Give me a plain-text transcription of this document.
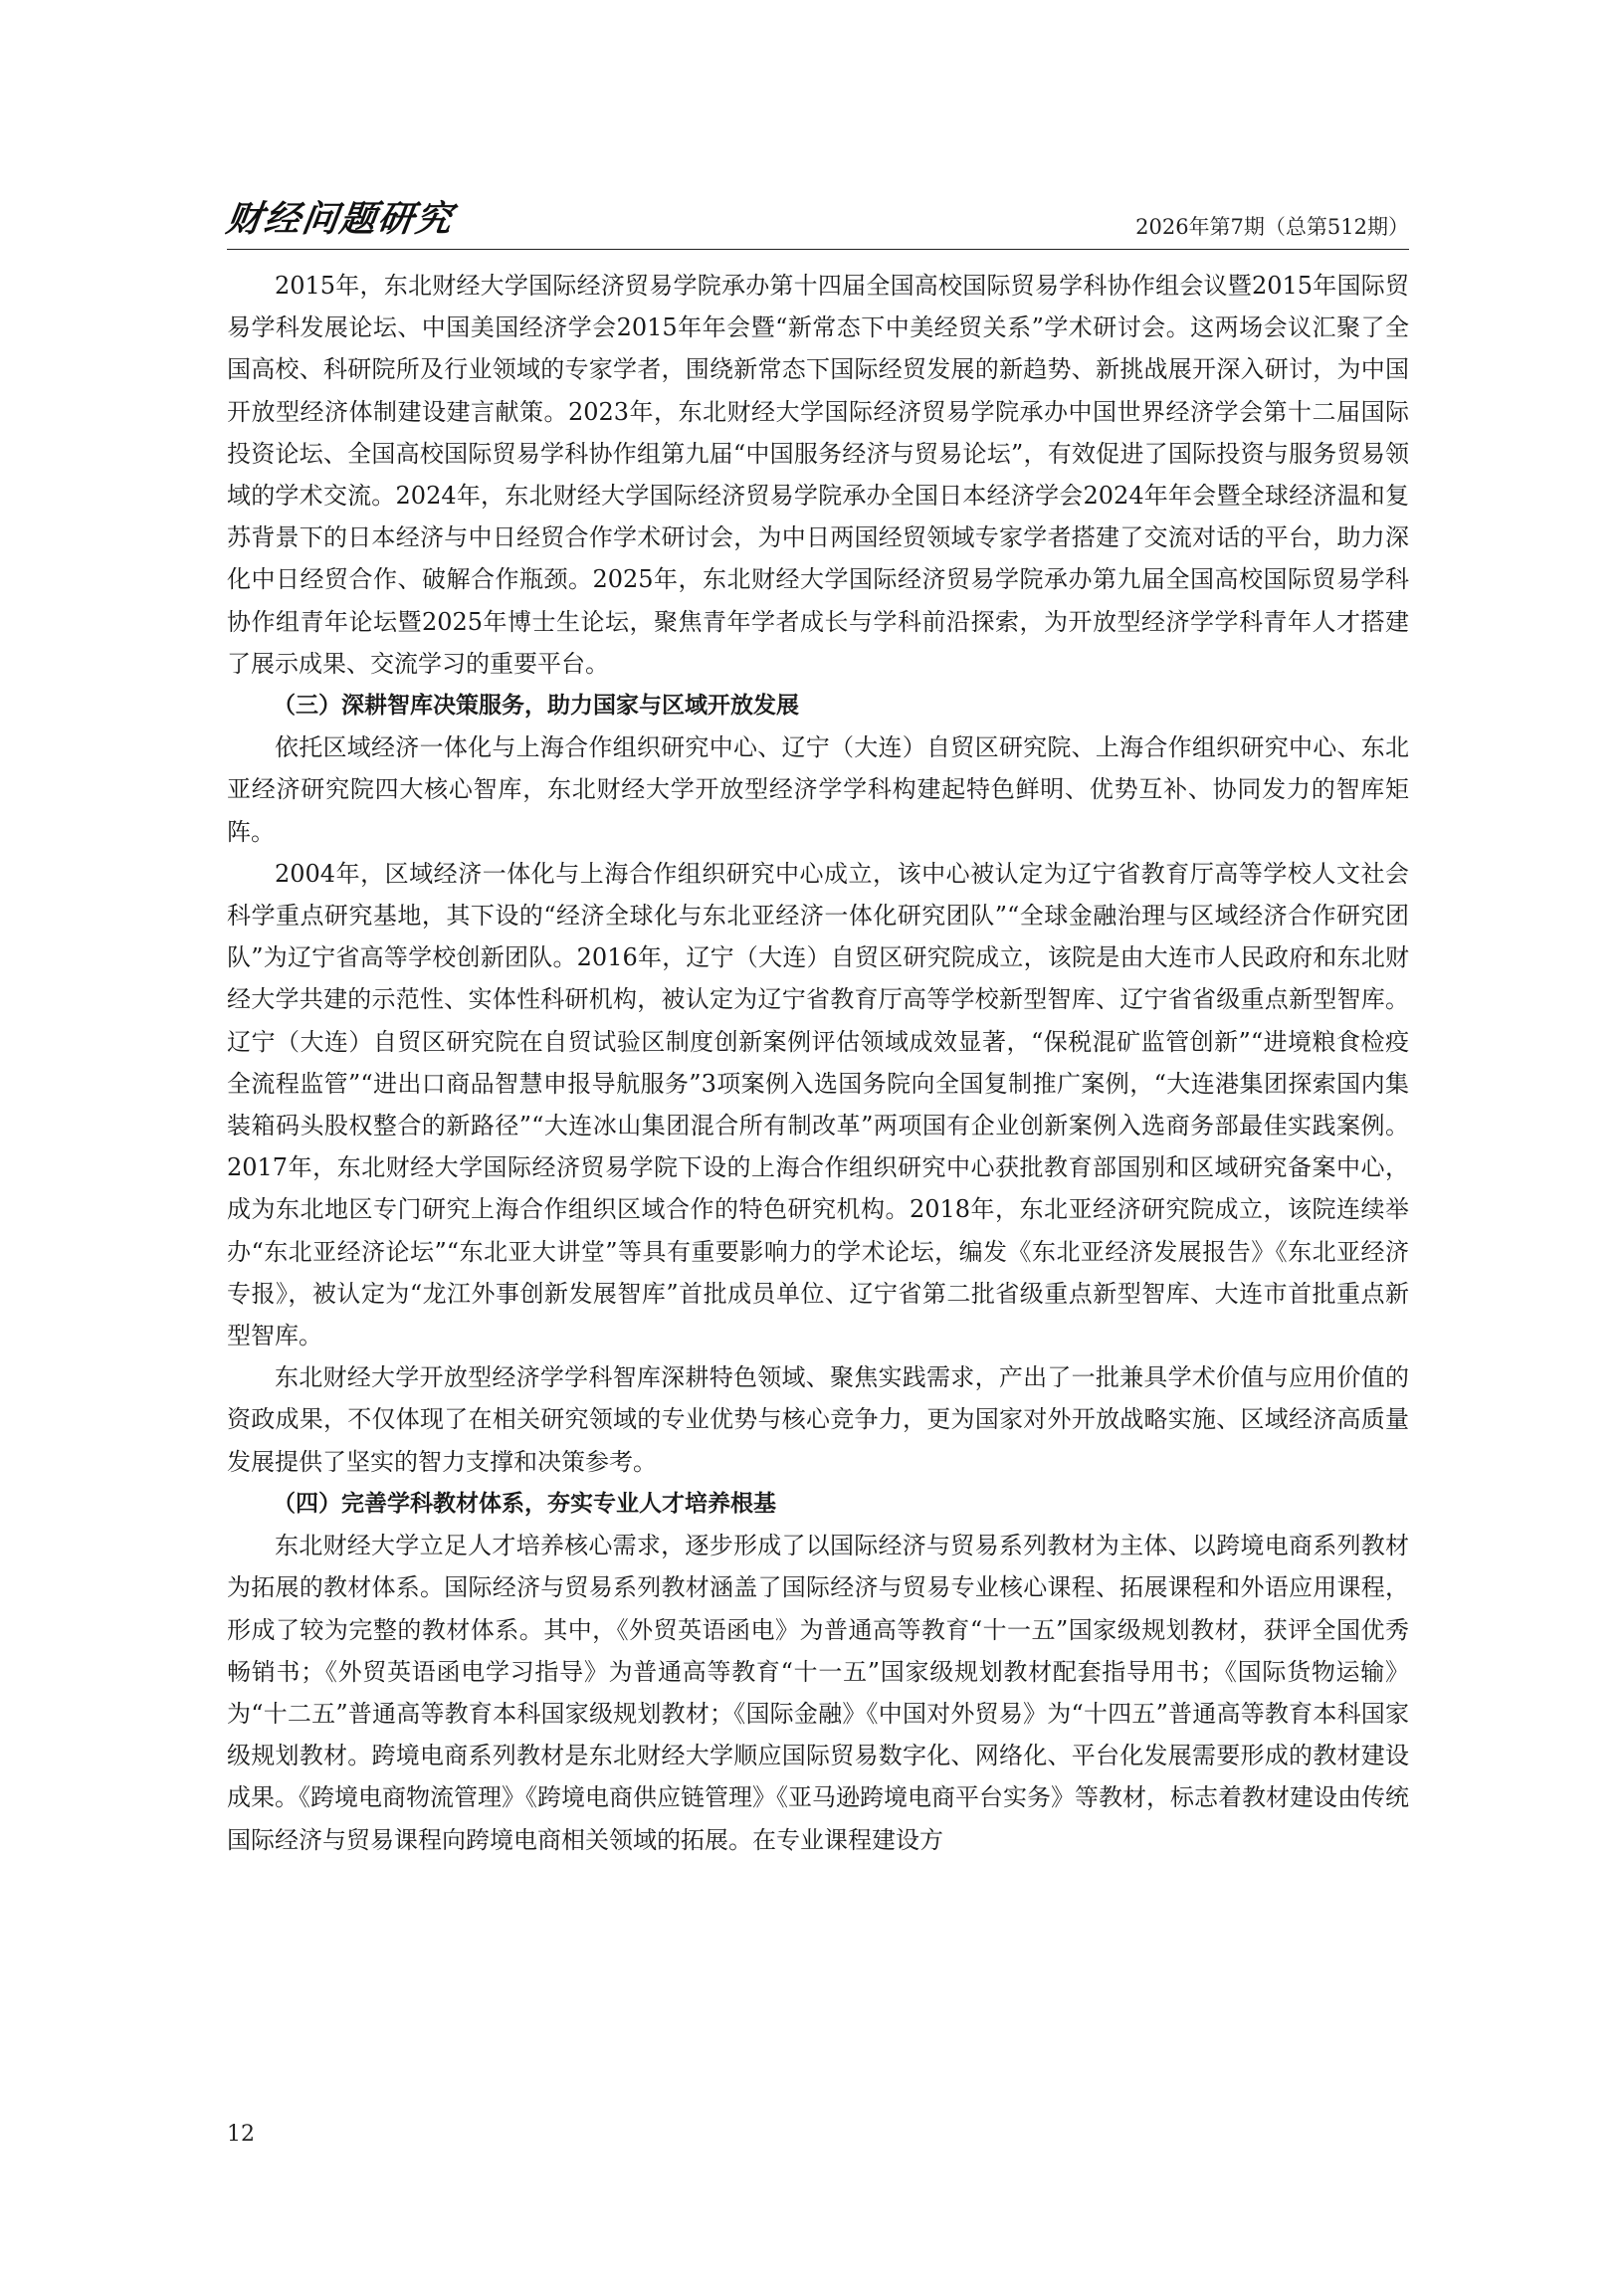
财经问题研究	2026年第7期（总第512期）

2015年，东北财经大学国际经济贸易学院承办第十四届全国高校国际贸易学科协作组会议暨2015年国际贸易学科发展论坛、中国美国经济学会2015年年会暨“新常态下中美经贸关系”学术研讨会。这两场会议汇聚了全国高校、科研院所及行业领域的专家学者，围绕新常态下国际经贸发展的新趋势、新挑战展开深入研讨，为中国开放型经济体制建设建言献策。2023年，东北财经大学国际经济贸易学院承办中国世界经济学会第十二届国际投资论坛、全国高校国际贸易学科协作组第九届“中国服务经济与贸易论坛”，有效促进了国际投资与服务贸易领域的学术交流。2024年，东北财经大学国际经济贸易学院承办全国日本经济学会2024年年会暨全球经济温和复苏背景下的日本经济与中日经贸合作学术研讨会，为中日两国经贸领域专家学者搭建了交流对话的平台，助力深化中日经贸合作、破解合作瓶颈。2025年，东北财经大学国际经济贸易学院承办第九届全国高校国际贸易学科协作组青年论坛暨2025年博士生论坛，聚焦青年学者成长与学科前沿探索，为开放型经济学学科青年人才搭建了展示成果、交流学习的重要平台。

（三）深耕智库决策服务，助力国家与区域开放发展

依托区域经济一体化与上海合作组织研究中心、辽宁（大连）自贸区研究院、上海合作组织研究中心、东北亚经济研究院四大核心智库，东北财经大学开放型经济学学科构建起特色鲜明、优势互补、协同发力的智库矩阵。

2004年，区域经济一体化与上海合作组织研究中心成立，该中心被认定为辽宁省教育厅高等学校人文社会科学重点研究基地，其下设的“经济全球化与东北亚经济一体化研究团队”“全球金融治理与区域经济合作研究团队”为辽宁省高等学校创新团队。2016年，辽宁（大连）自贸区研究院成立，该院是由大连市人民政府和东北财经大学共建的示范性、实体性科研机构，被认定为辽宁省教育厅高等学校新型智库、辽宁省省级重点新型智库。辽宁（大连）自贸区研究院在自贸试验区制度创新案例评估领域成效显著，“保税混矿监管创新”“进境粮食检疫全流程监管”“进出口商品智慧申报导航服务”3项案例入选国务院向全国复制推广案例，“大连港集团探索国内集装箱码头股权整合的新路径”“大连冰山集团混合所有制改革”两项国有企业创新案例入选商务部最佳实践案例。2017年，东北财经大学国际经济贸易学院下设的上海合作组织研究中心获批教育部国别和区域研究备案中心，成为东北地区专门研究上海合作组织区域合作的特色研究机构。2018年，东北亚经济研究院成立，该院连续举办“东北亚经济论坛”“东北亚大讲堂”等具有重要影响力的学术论坛，编发《东北亚经济发展报告》《东北亚经济专报》，被认定为“龙江外事创新发展智库”首批成员单位、辽宁省第二批省级重点新型智库、大连市首批重点新型智库。

东北财经大学开放型经济学学科智库深耕特色领域、聚焦实践需求，产出了一批兼具学术价值与应用价值的资政成果，不仅体现了在相关研究领域的专业优势与核心竞争力，更为国家对外开放战略实施、区域经济高质量发展提供了坚实的智力支撑和决策参考。

（四）完善学科教材体系，夯实专业人才培养根基

东北财经大学立足人才培养核心需求，逐步形成了以国际经济与贸易系列教材为主体、以跨境电商系列教材为拓展的教材体系。国际经济与贸易系列教材涵盖了国际经济与贸易专业核心课程、拓展课程和外语应用课程，形成了较为完整的教材体系。其中，《外贸英语函电》为普通高等教育“十一五”国家级规划教材，获评全国优秀畅销书；《外贸英语函电学习指导》为普通高等教育“十一五”国家级规划教材配套指导用书；《国际货物运输》为“十二五”普通高等教育本科国家级规划教材；《国际金融》《中国对外贸易》为“十四五”普通高等教育本科国家级规划教材。跨境电商系列教材是东北财经大学顺应国际贸易数字化、网络化、平台化发展需要形成的教材建设成果。《跨境电商物流管理》《跨境电商供应链管理》《亚马逊跨境电商平台实务》等教材，标志着教材建设由传统国际经济与贸易课程向跨境电商相关领域的拓展。在专业课程建设方

12
